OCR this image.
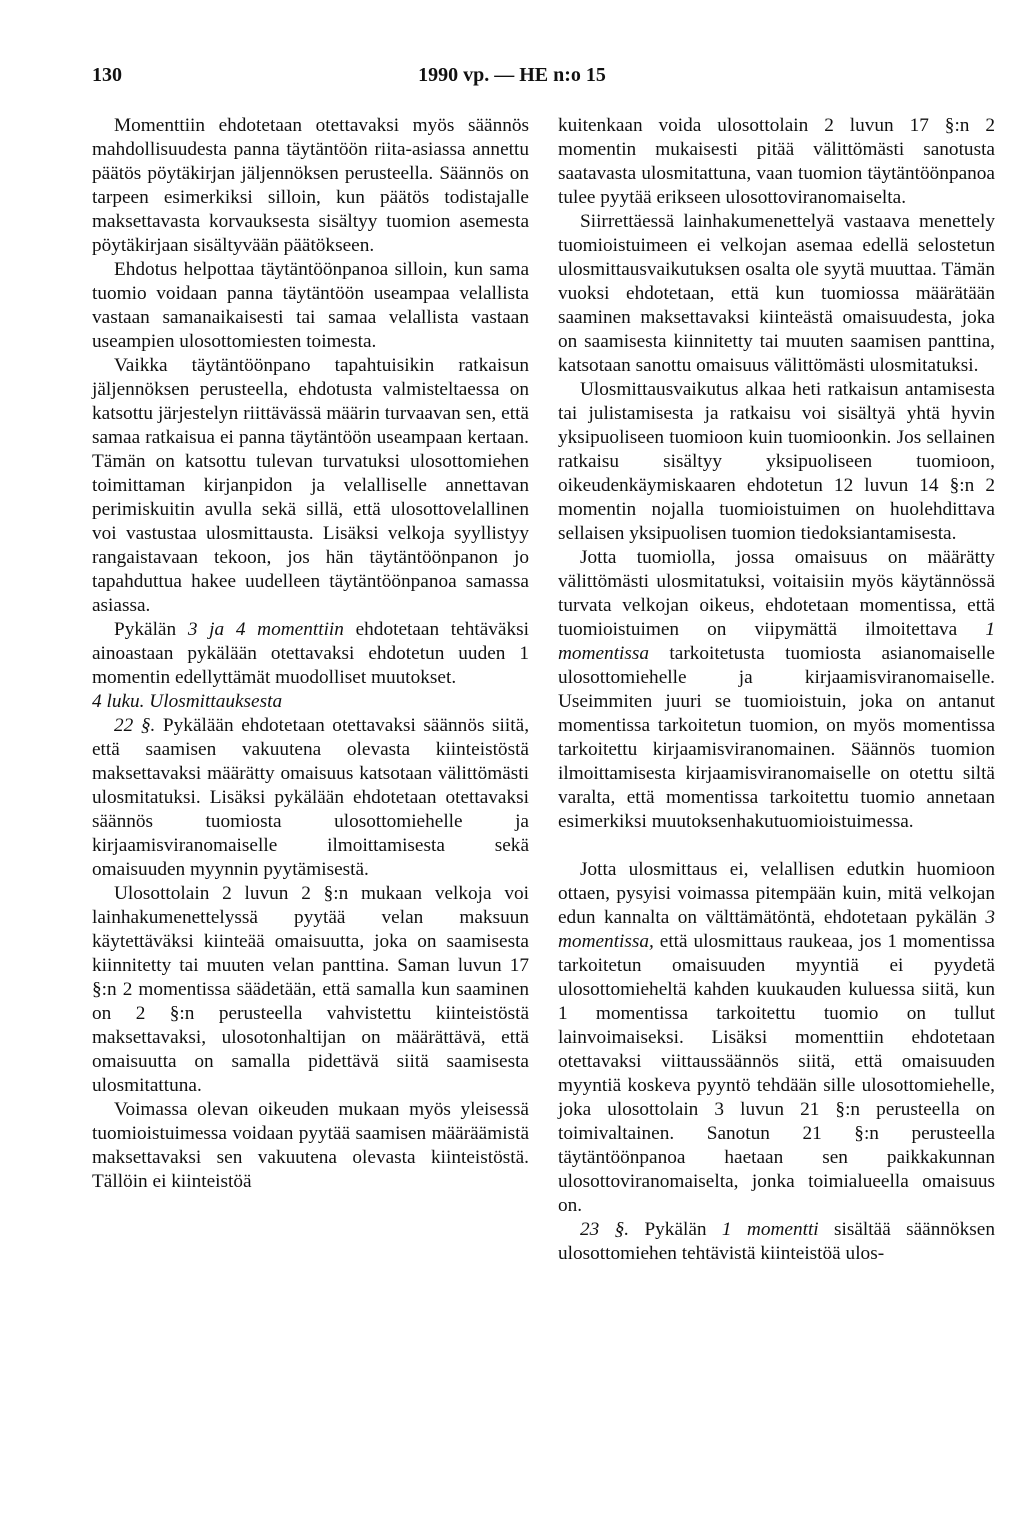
130	1990 vp. — HE n:o 15

Momenttiin ehdotetaan otettavaksi myös säännös mahdollisuudesta panna täytäntöön riita-asiassa annettu päätös pöytäkirjan jäljennöksen perusteella. Säännös on tarpeen esimerkiksi silloin, kun päätös todistajalle maksettavasta korvauksesta sisältyy tuomion asemesta pöytäkirjaan sisältyvään päätökseen.

Ehdotus helpottaa täytäntöönpanoa silloin, kun sama tuomio voidaan panna täytäntöön useampaa velallista vastaan samanaikaisesti tai samaa velallista vastaan useampien ulosottomiesten toimesta.

Vaikka täytäntöönpano tapahtuisikin ratkaisun jäljennöksen perusteella, ehdotusta valmisteltaessa on katsottu järjestelyn riittävässä määrin turvaavan sen, että samaa ratkaisua ei panna täytäntöön useampaan kertaan. Tämän on katsottu tulevan turvatuksi ulosottomiehen toimittaman kirjanpidon ja velalliselle annettavan perimiskuitin avulla sekä sillä, että ulosottovelallinen voi vastustaa ulosmittausta. Lisäksi velkoja syyllistyy rangaistavaan tekoon, jos hän täytäntöönpanon jo tapahduttua hakee uudelleen täytäntöönpanoa samassa asiassa.

Pykälän 3 ja 4 momenttiin ehdotetaan tehtäväksi ainoastaan pykälään otettavaksi ehdotetun uuden 1 momentin edellyttämät muodolliset muutokset.

4 luku. Ulosmittauksesta

22 §. Pykälään ehdotetaan otettavaksi säännös siitä, että saamisen vakuutena olevasta kiinteistöstä maksettavaksi määrätty omaisuus katsotaan välittömästi ulosmitatuksi. Lisäksi pykälään ehdotetaan otettavaksi säännös tuomiosta ulosottomiehelle ja kirjaamisviranomaiselle ilmoittamisesta sekä omaisuuden myynnin pyytämisestä.

Ulosottolain 2 luvun 2 §:n mukaan velkoja voi lainhakumenettelyssä pyytää velan maksuun käytettäväksi kiinteää omaisuutta, joka on saamisesta kiinnitetty tai muuten velan panttina. Saman luvun 17 §:n 2 momentissa säädetään, että samalla kun saaminen on 2 §:n perusteella vahvistettu kiinteistöstä maksettavaksi, ulosotonhaltijan on määrättävä, että omaisuutta on samalla pidettävä siitä saamisesta ulosmitattuna.

Voimassa olevan oikeuden mukaan myös yleisessä tuomioistuimessa voidaan pyytää saamisen määräämistä maksettavaksi sen vakuutena olevasta kiinteistöstä. Tällöin ei kiinteistöä

kuitenkaan voida ulosottolain 2 luvun 17 §:n 2 momentin mukaisesti pitää välittömästi sanotusta saatavasta ulosmitattuna, vaan tuomion täytäntöönpanoa tulee pyytää erikseen ulosottoviranomaiselta.

Siirrettäessä lainhakumenettelyä vastaava menettely tuomioistuimeen ei velkojan asemaa edellä selostetun ulosmittausvaikutuksen osalta ole syytä muuttaa. Tämän vuoksi ehdotetaan, että kun tuomiossa määrätään saaminen maksettavaksi kiinteästä omaisuudesta, joka on saamisesta kiinnitetty tai muuten saamisen panttina, katsotaan sanottu omaisuus välittömästi ulosmitatuksi.

Ulosmittausvaikutus alkaa heti ratkaisun antamisesta tai julistamisesta ja ratkaisu voi sisältyä yhtä hyvin yksipuoliseen tuomioon kuin tuomioonkin. Jos sellainen ratkaisu sisältyy yksipuoliseen tuomioon, oikeudenkäymiskaaren ehdotetun 12 luvun 14 §:n 2 momentin nojalla tuomioistuimen on huolehdittava sellaisen yksipuolisen tuomion tiedoksiantamisesta.

Jotta tuomiolla, jossa omaisuus on määrätty välittömästi ulosmitatuksi, voitaisiin myös käytännössä turvata velkojan oikeus, ehdotetaan momentissa, että tuomioistuimen on viipymättä ilmoitettava 1 momentissa tarkoitetusta tuomiosta asianomaiselle ulosottomiehelle ja kirjaamisviranomaiselle. Useimmiten juuri se tuomioistuin, joka on antanut momentissa tarkoitetun tuomion, on myös momentissa tarkoitettu kirjaamisviranomainen. Säännös tuomion ilmoittamisesta kirjaamisviranomaiselle on otettu siltä varalta, että momentissa tarkoitettu tuomio annetaan esimerkiksi muutoksenhakutuomioistuimessa.

Jotta ulosmittaus ei, velallisen edutkin huomioon ottaen, pysyisi voimassa pitempään kuin, mitä velkojan edun kannalta on välttämätöntä, ehdotetaan pykälän 3 momentissa, että ulosmittaus raukeaa, jos 1 momentissa tarkoitetun omaisuuden myyntiä ei pyydetä ulosottomieheltä kahden kuukauden kuluessa siitä, kun 1 momentissa tarkoitettu tuomio on tullut lainvoimaiseksi. Lisäksi momenttiin ehdotetaan otettavaksi viittaussäännös siitä, että omaisuuden myyntiä koskeva pyyntö tehdään sille ulosottomiehelle, joka ulosottolain 3 luvun 21 §:n perusteella on toimivaltainen. Sanotun 21 §:n perusteella täytäntöönpanoa haetaan sen paikkakunnan ulosottoviranomaiselta, jonka toimialueella omaisuus on.

23 §. Pykälän 1 momentti sisältää säännöksen ulosottomiehen tehtävistä kiinteistöä ulos-
